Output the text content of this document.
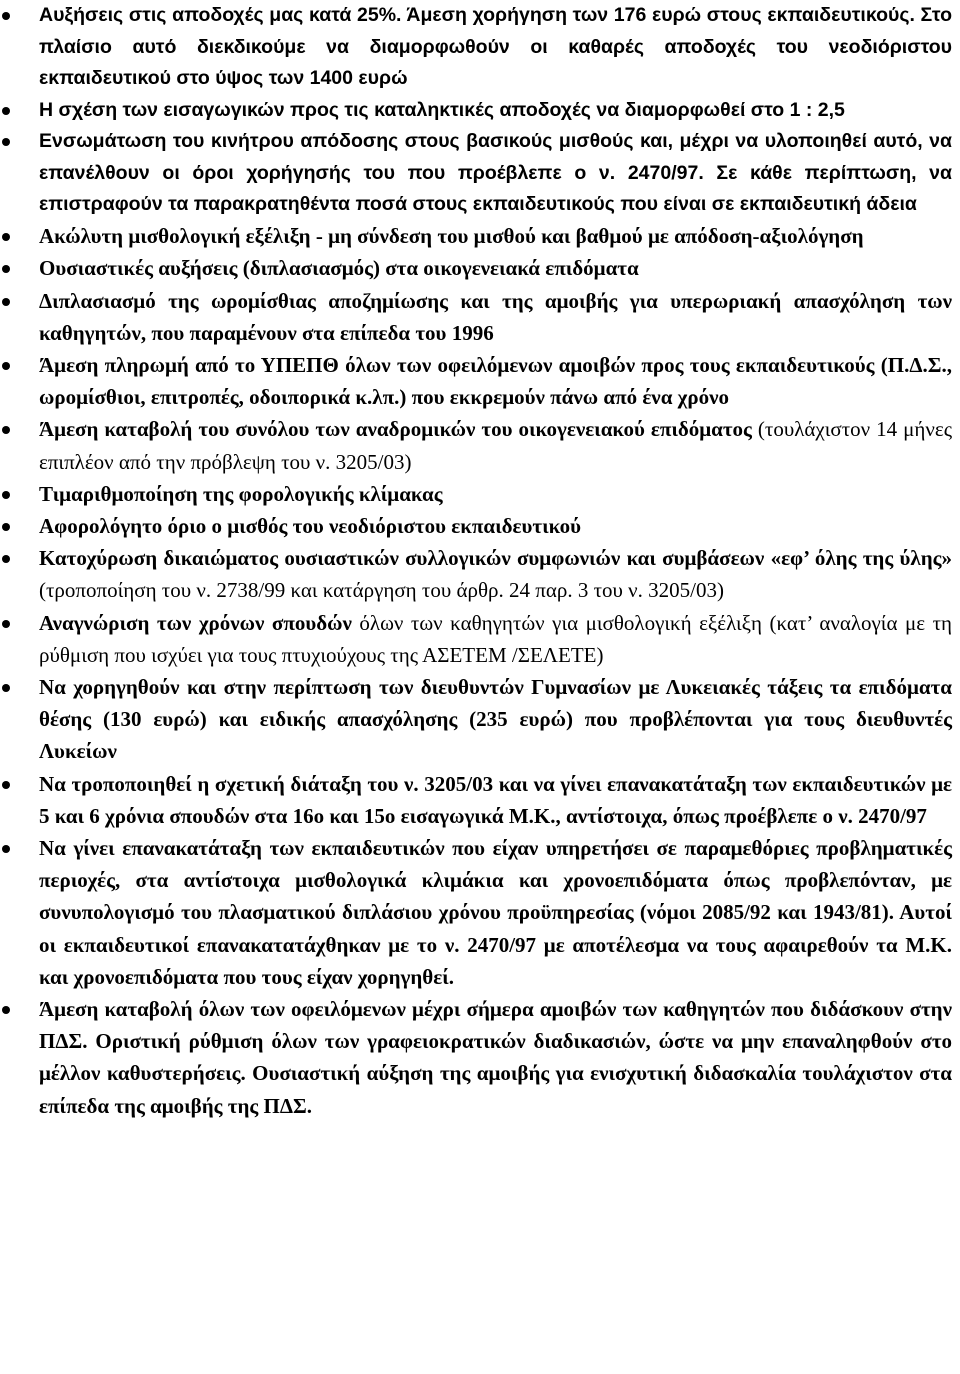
Αυξήσεις στις αποδοχές μας κατά 25%. Άμεση χορήγηση των 176 ευρώ στους εκπαιδευτικούς. Στο πλαίσιο αυτό διεκδικούμε να διαμορφωθούν οι καθαρές αποδοχές του νεοδιόριστου εκπαιδευτικού στο ύψος των 1400 ευρώ
Η σχέση των εισαγωγικών προς τις καταληκτικές αποδοχές να διαμορφωθεί στο 1 : 2,5
Ενσωμάτωση του κινήτρου απόδοσης στους βασικούς μισθούς και, μέχρι να υλοποιηθεί αυτό, να επανέλθουν οι όροι χορήγησής του που προέβλεπε ο ν. 2470/97. Σε κάθε περίπτωση, να επιστραφούν τα παρακρατηθέντα ποσά στους εκπαιδευτικούς που είναι σε εκπαιδευτική άδεια
Ακώλυτη μισθολογική εξέλιξη - μη σύνδεση του μισθού και βαθμού με απόδοση-αξιολόγηση
Ουσιαστικές αυξήσεις (διπλασιασμός) στα οικογενειακά επιδόματα
Διπλασιασμό της ωρομίσθιας αποζημίωσης και της αμοιβής για υπερωριακή απασχόληση των καθηγητών, που παραμένουν στα επίπεδα του 1996
Άμεση πληρωμή από το ΥΠΕΠΘ όλων των οφειλόμενων αμοιβών προς τους εκπαιδευτικούς (Π.Δ.Σ., ωρομίσθιοι, επιτροπές, οδοιπορικά κ.λπ.) που εκκρεμούν πάνω από ένα χρόνο
Άμεση καταβολή του συνόλου των αναδρομικών του οικογενειακού επιδόματος (τουλάχιστον 14 μήνες επιπλέον από την πρόβλεψη του ν. 3205/03)
Τιμαριθμοποίηση της φορολογικής κλίμακας
Αφορολόγητο όριο ο μισθός του νεοδιόριστου εκπαιδευτικού
Κατοχύρωση δικαιώματος ουσιαστικών συλλογικών συμφωνιών και συμβάσεων «εφ’ όλης της ύλης» (τροποποίηση του ν. 2738/99 και κατάργηση του άρθρ. 24 παρ. 3 του ν. 3205/03)
Αναγνώριση των χρόνων σπουδών όλων των καθηγητών για μισθολογική εξέλιξη (κατ’ αναλογία με τη ρύθμιση που ισχύει για τους πτυχιούχους της ΑΣΕΤΕΜ /ΣΕΛΕΤΕ)
Να χορηγηθούν και στην περίπτωση των διευθυντών Γυμνασίων με Λυκειακές τάξεις τα επιδόματα θέσης (130 ευρώ) και ειδικής απασχόλησης (235 ευρώ) που προβλέπονται για τους διευθυντές Λυκείων
Να τροποποιηθεί η σχετική διάταξη του ν. 3205/03 και να γίνει επανακατάταξη των εκπαιδευτικών με 5 και 6 χρόνια σπουδών στα 16ο και 15ο εισαγωγικά Μ.Κ., αντίστοιχα, όπως προέβλεπε ο ν. 2470/97
Να γίνει επανακατάταξη των εκπαιδευτικών που είχαν υπηρετήσει σε παραμεθόριες προβληματικές περιοχές, στα αντίστοιχα μισθολογικά κλιμάκια και χρονοεπιδόματα όπως προβλεπόνταν, με συνυπολογισμό του πλασματικού διπλάσιου χρόνου προϋπηρεσίας (νόμοι 2085/92 και 1943/81). Αυτοί οι εκπαιδευτικοί επανακατατάχθηκαν με το ν. 2470/97 με αποτέλεσμα να τους αφαιρεθούν τα Μ.Κ. και χρονοεπιδόματα που τους είχαν χορηγηθεί.
Άμεση καταβολή όλων των οφειλόμενων μέχρι σήμερα αμοιβών των καθηγητών που διδάσκουν στην ΠΔΣ. Οριστική ρύθμιση όλων των γραφειοκρατικών διαδικασιών, ώστε να μην επαναληφθούν στο μέλλον καθυστερήσεις. Ουσιαστική αύξηση της αμοιβής για ενισχυτική διδασκαλία τουλάχιστον στα επίπεδα της αμοιβής της ΠΔΣ.
